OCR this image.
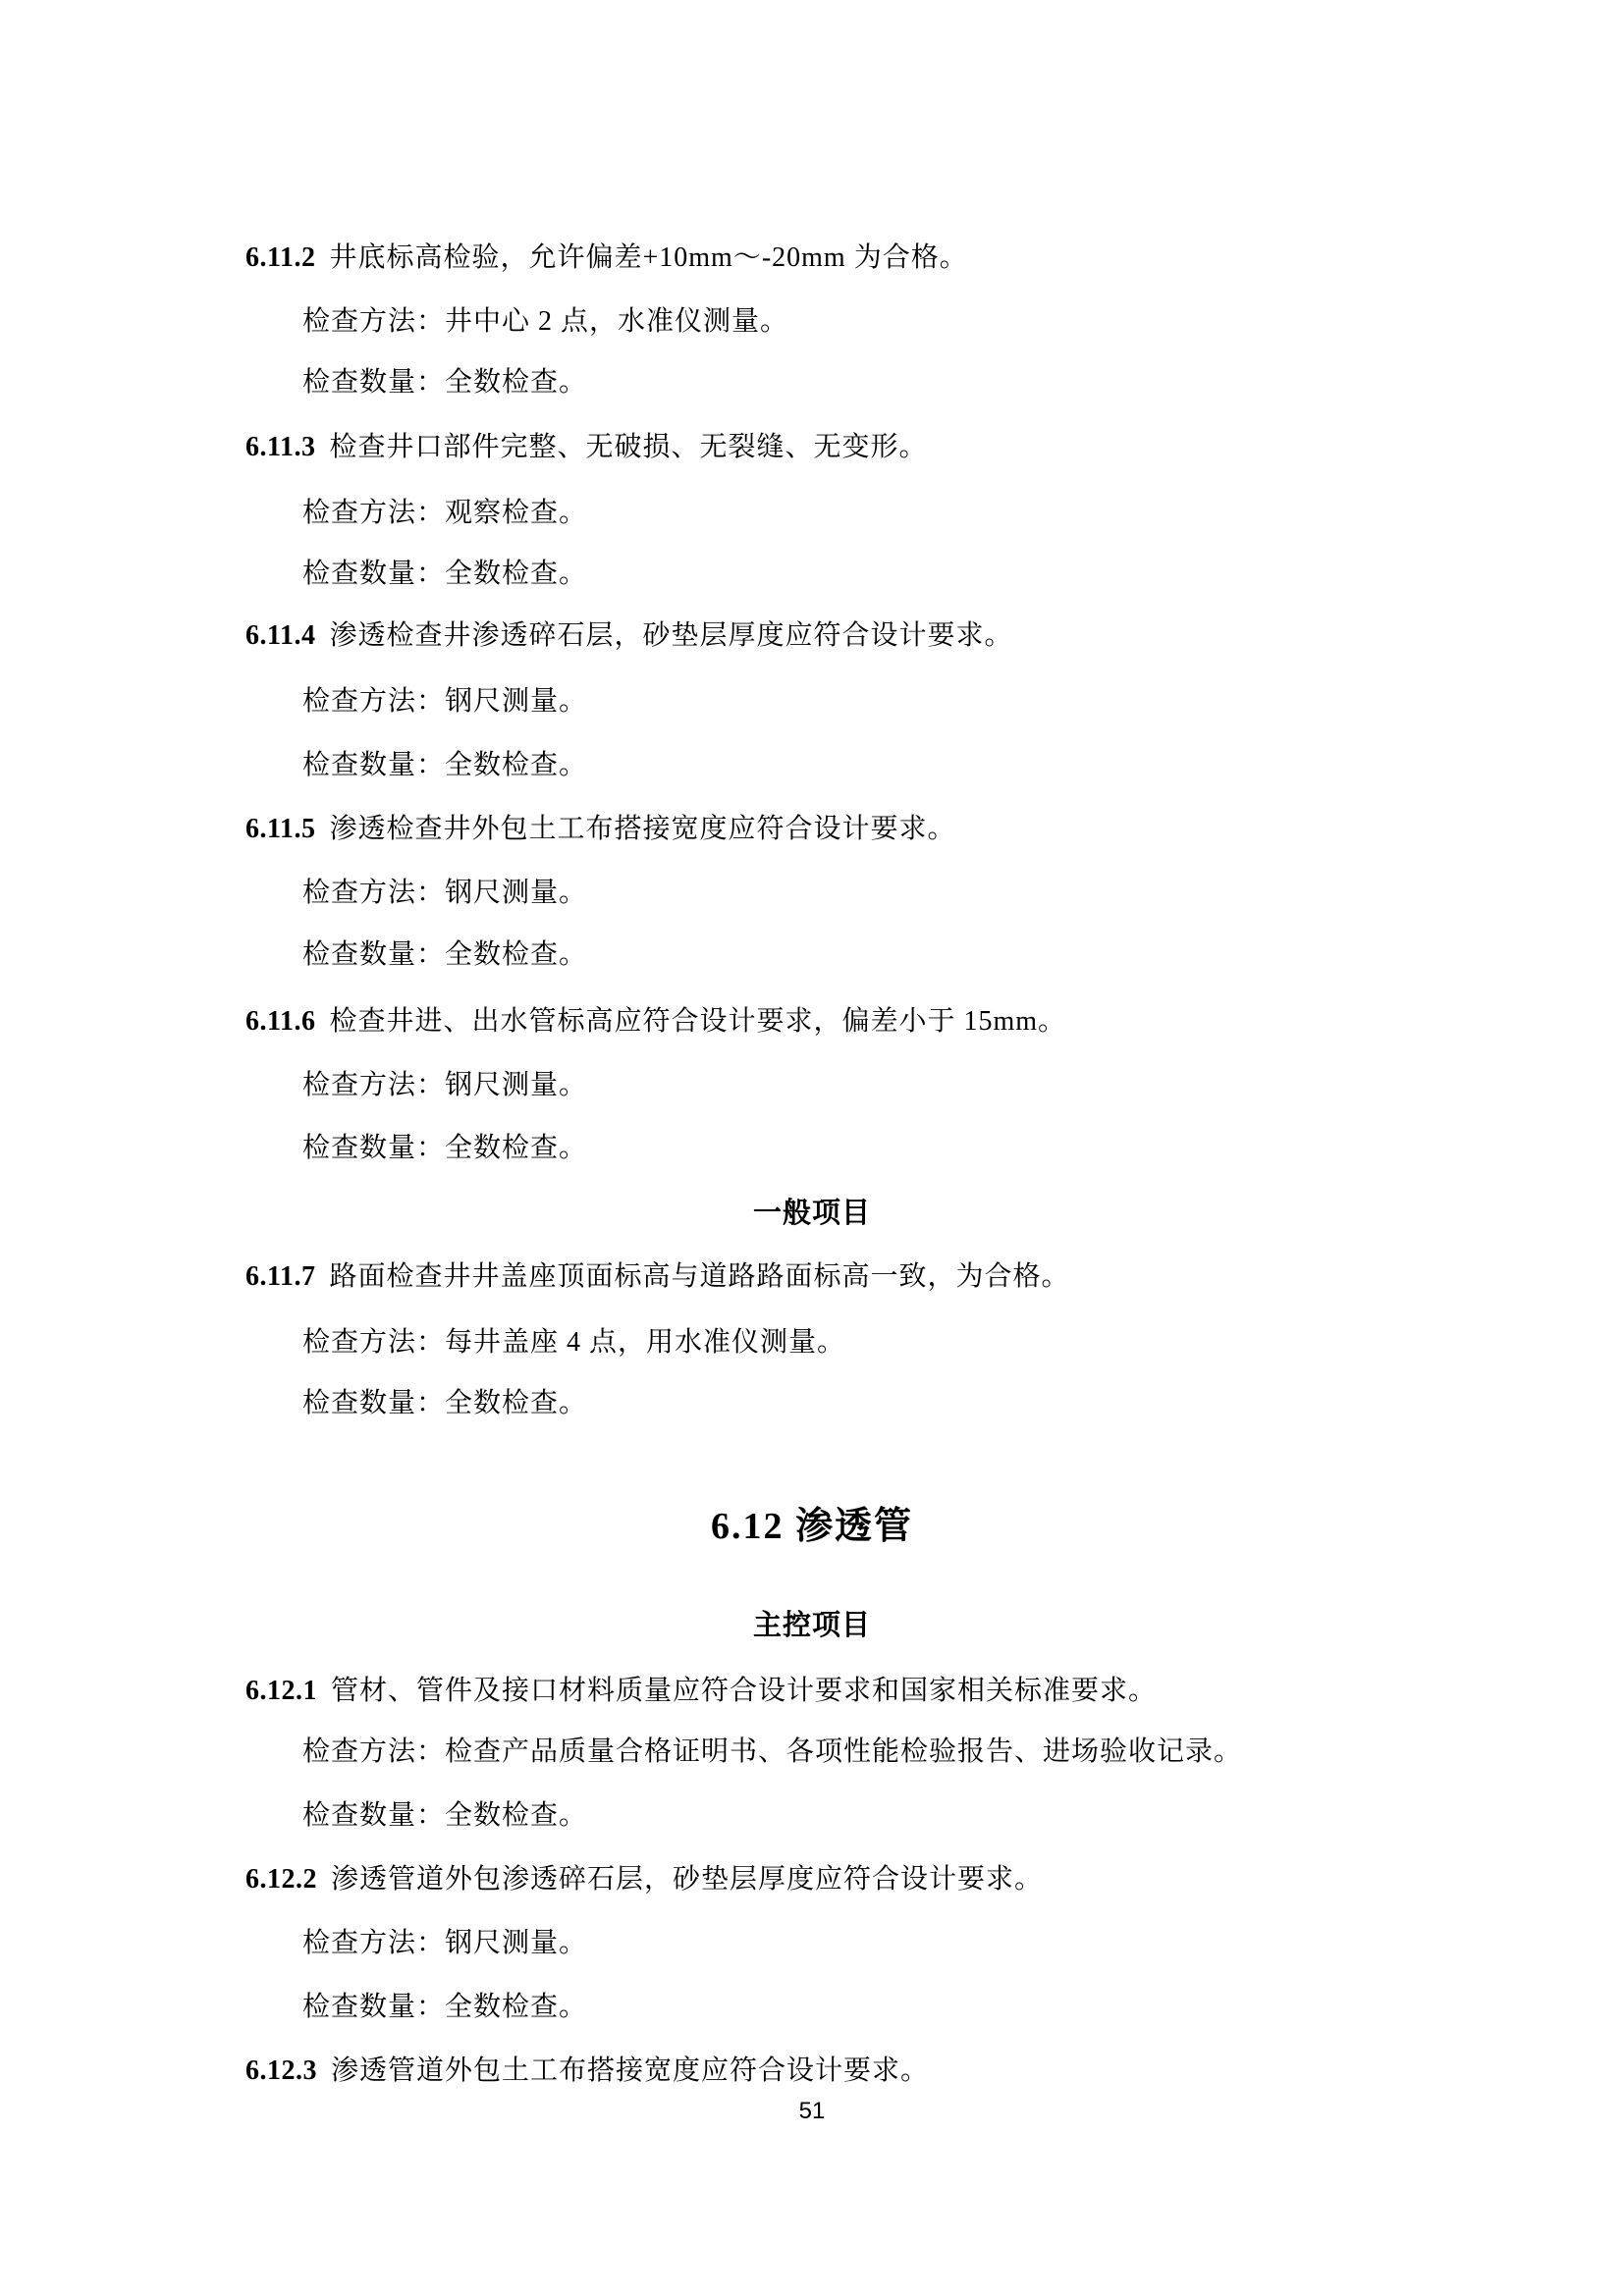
6.11.2 井底标高检验，允许偏差+10mm～-20mm 为合格。

检查方法：井中心 2 点，水准仪测量。

检查数量：全数检查。

6.11.3 检查井口部件完整、无破损、无裂缝、无变形。

检查方法：观察检查。

检查数量：全数检查。

6.11.4 渗透检查井渗透碎石层，砂垫层厚度应符合设计要求。

检查方法：钢尺测量。

检查数量：全数检查。

6.11.5 渗透检查井外包土工布搭接宽度应符合设计要求。

检查方法：钢尺测量。

检查数量：全数检查。

6.11.6 检查井进、出水管标高应符合设计要求，偏差小于 15mm。

检查方法：钢尺测量。

检查数量：全数检查。

一般项目

6.11.7 路面检查井井盖座顶面标高与道路路面标高一致，为合格。

检查方法：每井盖座 4 点，用水准仪测量。

检查数量：全数检查。

6.12 渗透管

主控项目

6.12.1 管材、管件及接口材料质量应符合设计要求和国家相关标准要求。

检查方法：检查产品质量合格证明书、各项性能检验报告、进场验收记录。

检查数量：全数检查。

6.12.2 渗透管道外包渗透碎石层，砂垫层厚度应符合设计要求。

检查方法：钢尺测量。

检查数量：全数检查。

6.12.3 渗透管道外包土工布搭接宽度应符合设计要求。

51
